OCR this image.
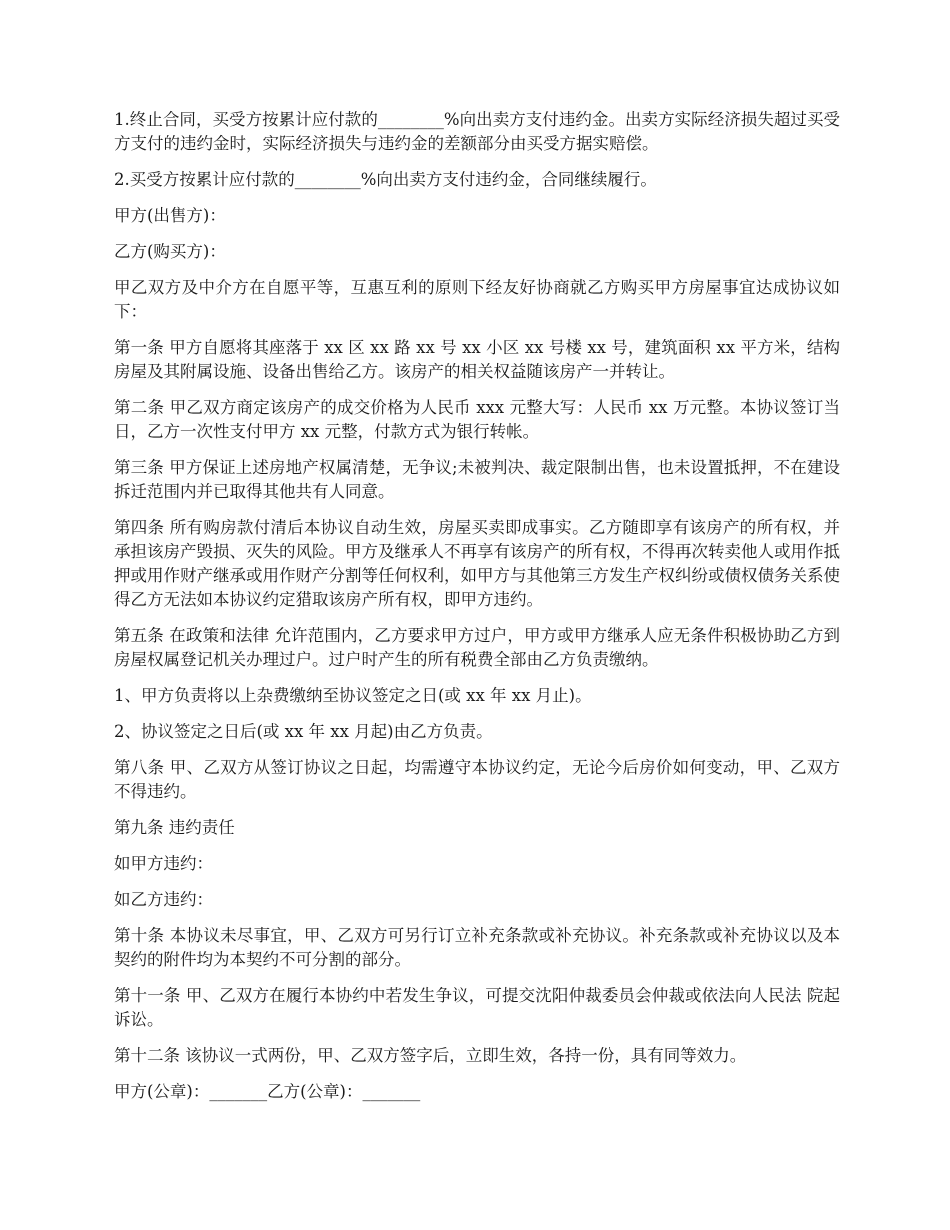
1.终止合同，买受方按累计应付款的________%向出卖方支付违约金。出卖方实际经济损失超过买受方支付的违约金时，实际经济损失与违约金的差额部分由买受方据实赔偿。

2.买受方按累计应付款的________%向出卖方支付违约金，合同继续履行。

甲方(出售方)：

乙方(购买方)：

甲乙双方及中介方在自愿平等，互惠互利的原则下经友好协商就乙方购买甲方房屋事宜达成协议如下：

第一条 甲方自愿将其座落于 xx 区 xx 路 xx 号 xx 小区 xx 号楼 xx 号，建筑面积 xx 平方米，结构房屋及其附属设施、设备出售给乙方。该房产的相关权益随该房产一并转让。

第二条 甲乙双方商定该房产的成交价格为人民币 xxx 元整大写：人民币 xx 万元整。本协议签订当日，乙方一次性支付甲方 xx 元整，付款方式为银行转帐。

第三条 甲方保证上述房地产权属清楚，无争议;未被判决、裁定限制出售，也未设置抵押，不在建设拆迁范围内并已取得其他共有人同意。

第四条 所有购房款付清后本协议自动生效，房屋买卖即成事实。乙方随即享有该房产的所有权，并承担该房产毁损、灭失的风险。甲方及继承人不再享有该房产的所有权，不得再次转卖他人或用作抵押或用作财产继承或用作财产分割等任何权利，如甲方与其他第三方发生产权纠纷或债权债务关系使得乙方无法如本协议约定猎取该房产所有权，即甲方违约。

第五条 在政策和法律 允许范围内，乙方要求甲方过户，甲方或甲方继承人应无条件积极协助乙方到房屋权属登记机关办理过户。过户时产生的所有税费全部由乙方负责缴纳。

1、甲方负责将以上杂费缴纳至协议签定之日(或 xx 年 xx 月止)。

2、协议签定之日后(或 xx 年 xx 月起)由乙方负责。

第八条 甲、乙双方从签订协议之日起，均需遵守本协议约定，无论今后房价如何变动，甲、乙双方不得违约。

第九条 违约责任

如甲方违约：

如乙方违约：

第十条 本协议未尽事宜，甲、乙双方可另行订立补充条款或补充协议。补充条款或补充协议以及本契约的附件均为本契约不可分割的部分。

第十一条 甲、乙双方在履行本协约中若发生争议，可提交沈阳仲裁委员会仲裁或依法向人民法 院起诉讼。

第十二条 该协议一式两份，甲、乙双方签字后，立即生效，各持一份，具有同等效力。

甲方(公章)：_______乙方(公章)：_______
